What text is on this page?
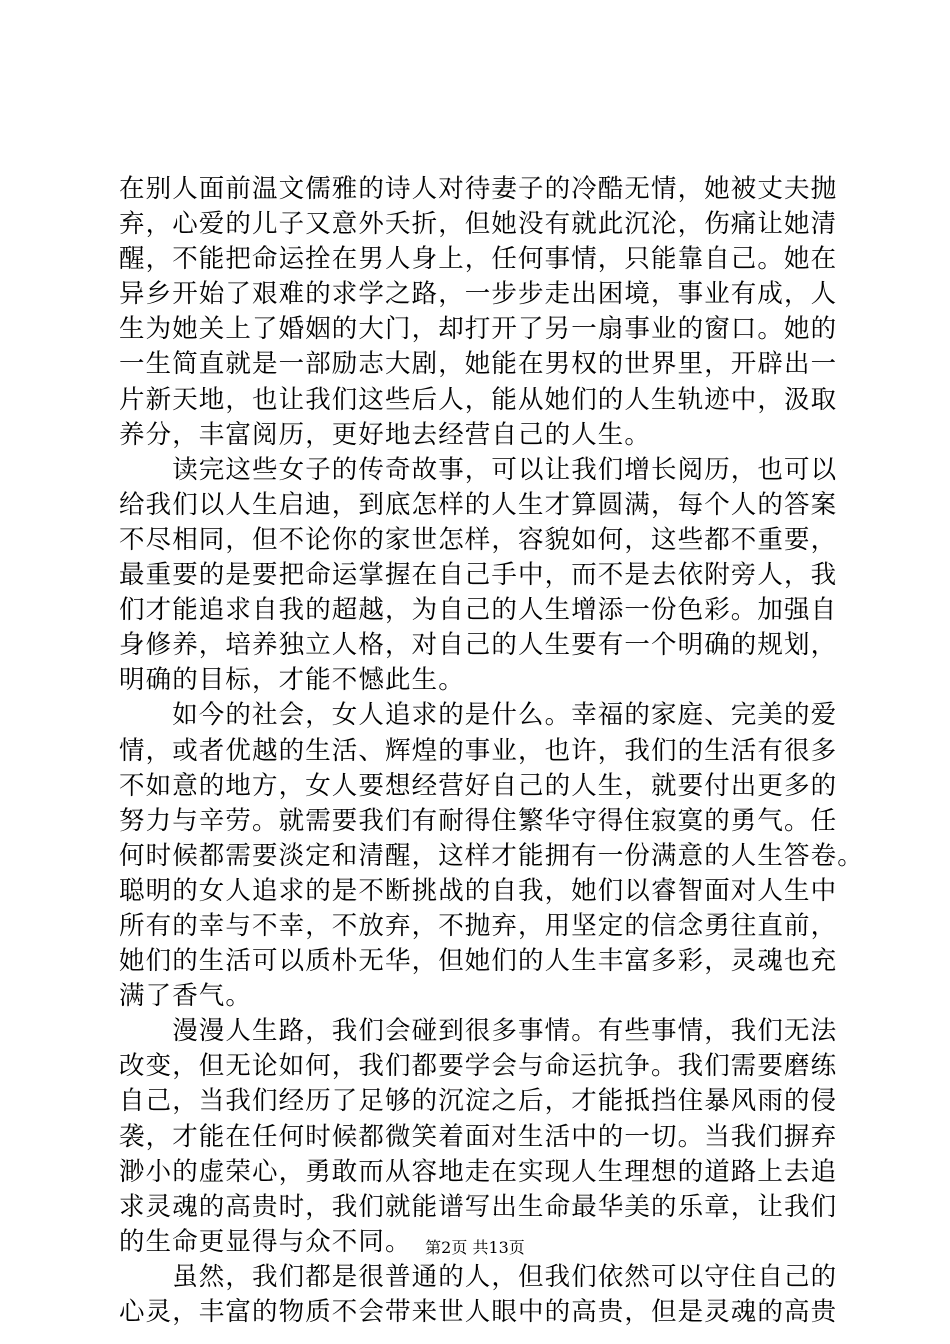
在别人面前温文儒雅的诗人对待妻子的冷酷无情，她被丈夫抛
弃，心爱的儿子又意外夭折，但她没有就此沉沦，伤痛让她清
醒，不能把命运拴在男人身上，任何事情，只能靠自己。她在
异乡开始了艰难的求学之路，一步步走出困境，事业有成，人
生为她关上了婚姻的大门，却打开了另一扇事业的窗口。她的
一生简直就是一部励志大剧，她能在男权的世界里，开辟出一
片新天地，也让我们这些后人，能从她们的人生轨迹中，汲取
养分，丰富阅历，更好地去经营自己的人生。
　　读完这些女子的传奇故事，可以让我们增长阅历，也可以
给我们以人生启迪，到底怎样的人生才算圆满，每个人的答案
不尽相同，但不论你的家世怎样，容貌如何，这些都不重要，
最重要的是要把命运掌握在自己手中，而不是去依附旁人，我
们才能追求自我的超越，为自己的人生增添一份色彩。加强自
身修养，培养独立人格，对自己的人生要有一个明确的规划，
明确的目标，才能不憾此生。
　　如今的社会，女人追求的是什么。幸福的家庭、完美的爱
情，或者优越的生活、辉煌的事业，也许，我们的生活有很多
不如意的地方，女人要想经营好自己的人生，就要付出更多的
努力与辛劳。就需要我们有耐得住繁华守得住寂寞的勇气。任
何时候都需要淡定和清醒，这样才能拥有一份满意的人生答卷。
聪明的女人追求的是不断挑战的自我，她们以睿智面对人生中
所有的幸与不幸，不放弃，不抛弃，用坚定的信念勇往直前，
她们的生活可以质朴无华，但她们的人生丰富多彩，灵魂也充
满了香气。
　　漫漫人生路，我们会碰到很多事情。有些事情，我们无法
改变，但无论如何，我们都要学会与命运抗争。我们需要磨练
自己，当我们经历了足够的沉淀之后，才能抵挡住暴风雨的侵
袭，才能在任何时候都微笑着面对生活中的一切。当我们摒弃
渺小的虚荣心，勇敢而从容地走在实现人生理想的道路上去追
求灵魂的高贵时，我们就能谱写出生命最华美的乐章，让我们
的生命更显得与众不同。
　　虽然，我们都是很普通的人，但我们依然可以守住自己的
心灵，丰富的物质不会带来世人眼中的高贵，但是灵魂的高贵
第2页 共13页
